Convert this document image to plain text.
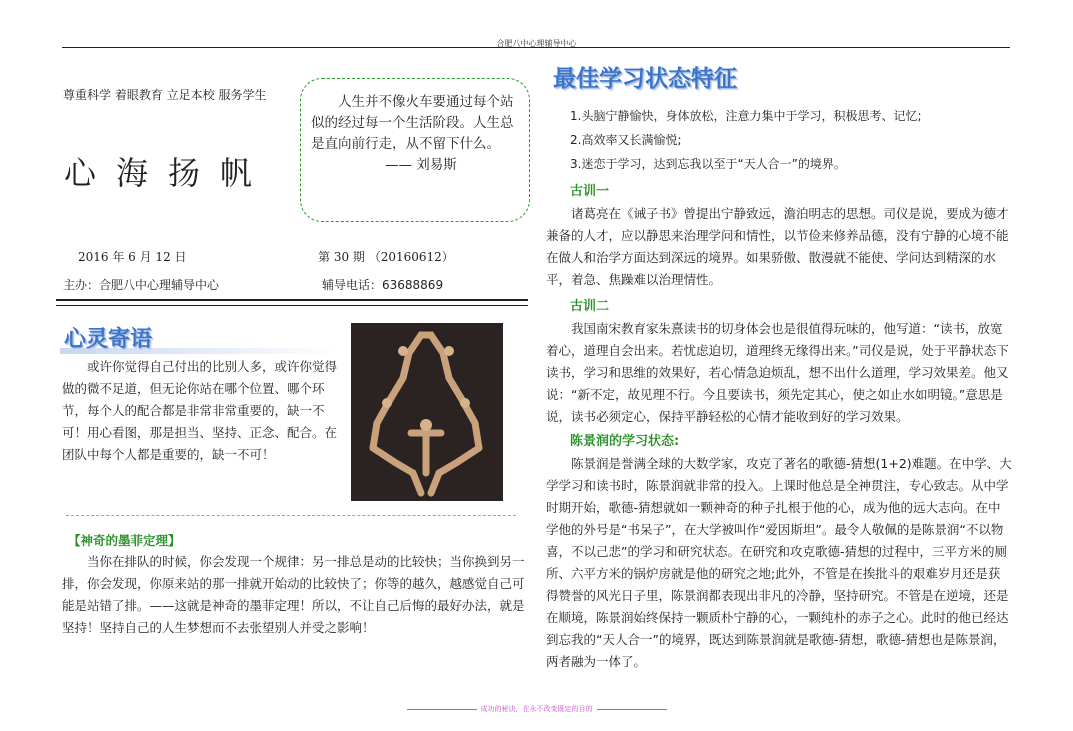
合肥八中心理辅导中心
尊重科学 着眼教育 立足本校 服务学生
心海扬帆
人生并不像火车要通过每个站似的经过每一个生活阶段。人生总是直向前行走，从不留下什么。
—— 刘易斯
2016 年 6 月 12 日	第 30 期 （20160612）
主办：合肥八中心理辅导中心	辅导电话：63688869
心灵寄语
或许你觉得自己付出的比别人多，或许你觉得做的微不足道，但无论你站在哪个位置、哪个环节，每个人的配合都是非常非常重要的，缺一不可！用心看图，那是担当、坚持、正念、配合。在团队中每个人都是重要的，缺一不可！
【神奇的墨菲定理】
当你在排队的时候，你会发现一个规律：另一排总是动的比较快；当你换到另一排，你会发现，你原来站的那一排就开始动的比较快了；你等的越久，越感觉自己可能是站错了排。——这就是神奇的墨菲定理！所以，不让自己后悔的最好办法，就是坚持！坚持自己的人生梦想而不去张望别人并受之影响！
最佳学习状态特征
1.头脑宁静愉快，身体放松，注意力集中于学习，积极思考、记忆;
2.高效率又长满愉悦;
3.迷恋于学习，达到忘我以至于“天人合一”的境界。
古训一
诸葛亮在《诫子书》曾提出宁静致远，澹泊明志的思想。司仪是说，要成为德才兼备的人才，应以静思来治理学问和情性，以节俭来修养品德，没有宁静的心境不能在做人和治学方面达到深远的境界。如果骄傲、散漫就不能使、学问达到精深的水平，着急、焦躁难以治理情性。
古训二
我国南宋教育家朱熹读书的切身体会也是很值得玩味的，他写道：“读书，放宽着心，道理自会出来。若忧虑迫切，道理终无缘得出来。”司仪是说，处于平静状态下读书，学习和思维的效果好，若心情急迫烦乱，想不出什么道理，学习效果差。他又说：“新不定，故见理不行。今且要读书，须先定其心，使之如止水如明镜。”意思是说，读书必须定心，保持平静轻松的心情才能收到好的学习效果。
陈景润的学习状态:
陈景润是誉满全球的大数学家，攻克了著名的歌德-猜想(1+2)难题。在中学、大学学习和读书时，陈景润就非常的投入。上课时他总是全神贯注，专心致志。从中学时期开始，歌德-猜想就如一颗神奇的种子扎根于他的心，成为他的远大志向。在中学他的外号是“书呆子”，在大学被叫作“爱因斯坦”。最令人敬佩的是陈景润“不以物喜，不以己悲”的学习和研究状态。在研究和攻克歌德-猜想的过程中，三平方米的厕所、六平方米的锅炉房就是他的研究之地;此外，不管是在挨批斗的艰难岁月还是获得赞誉的风光日子里，陈景润都表现出非凡的冷静，坚持研究。不管是在逆境，还是在顺境，陈景润始终保持一颗质朴宁静的心，一颗纯朴的赤子之心。此时的他已经达到忘我的“天人合一”的境界，既达到陈景润就是歌德-猜想，歌德-猜想也是陈景润，两者融为一体了。
成功的秘诀，在永不改变既定的目的
